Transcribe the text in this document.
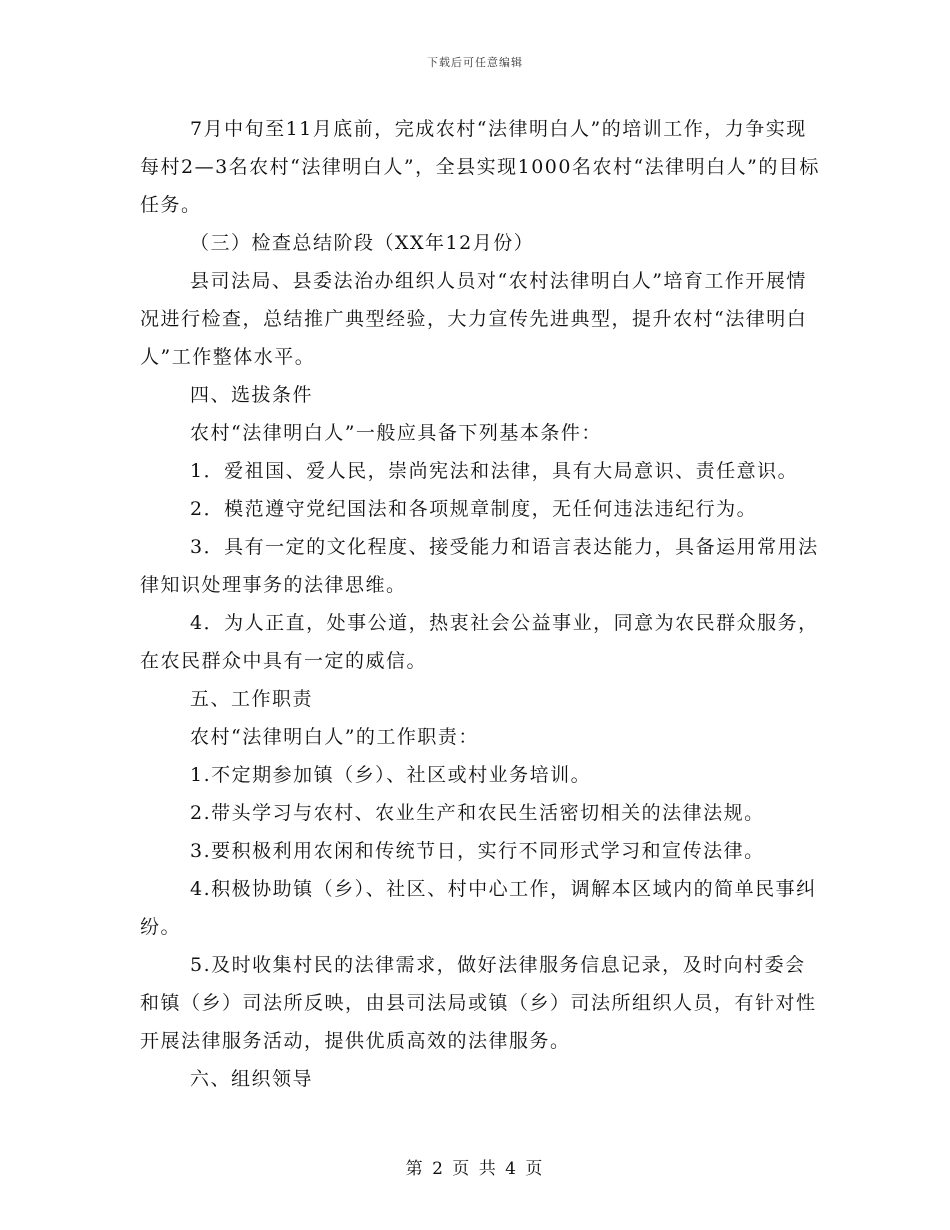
下载后可任意编辑

7月中旬至11月底前，完成农村“法律明白人”的培训工作，力争实现每村2—3名农村“法律明白人”，全县实现1000名农村“法律明白人”的目标任务。

（三）检查总结阶段（XX年12月份）

县司法局、县委法治办组织人员对“农村法律明白人”培育工作开展情况进行检查，总结推广典型经验，大力宣传先进典型，提升农村“法律明白人”工作整体水平。

四、选拔条件

农村“法律明白人”一般应具备下列基本条件：

1．爱祖国、爱人民，崇尚宪法和法律，具有大局意识、责任意识。

2．模范遵守党纪国法和各项规章制度，无任何违法违纪行为。

3．具有一定的文化程度、接受能力和语言表达能力，具备运用常用法律知识处理事务的法律思维。

4．为人正直，处事公道，热衷社会公益事业，同意为农民群众服务，在农民群众中具有一定的威信。

五、工作职责

农村“法律明白人”的工作职责：

1.不定期参加镇（乡）、社区或村业务培训。

2.带头学习与农村、农业生产和农民生活密切相关的法律法规。

3.要积极利用农闲和传统节日，实行不同形式学习和宣传法律。

4.积极协助镇（乡）、社区、村中心工作，调解本区域内的简单民事纠纷。

5.及时收集村民的法律需求，做好法律服务信息记录，及时向村委会和镇（乡）司法所反映，由县司法局或镇（乡）司法所组织人员，有针对性开展法律服务活动，提供优质高效的法律服务。

六、组织领导

第 2 页 共 4 页
